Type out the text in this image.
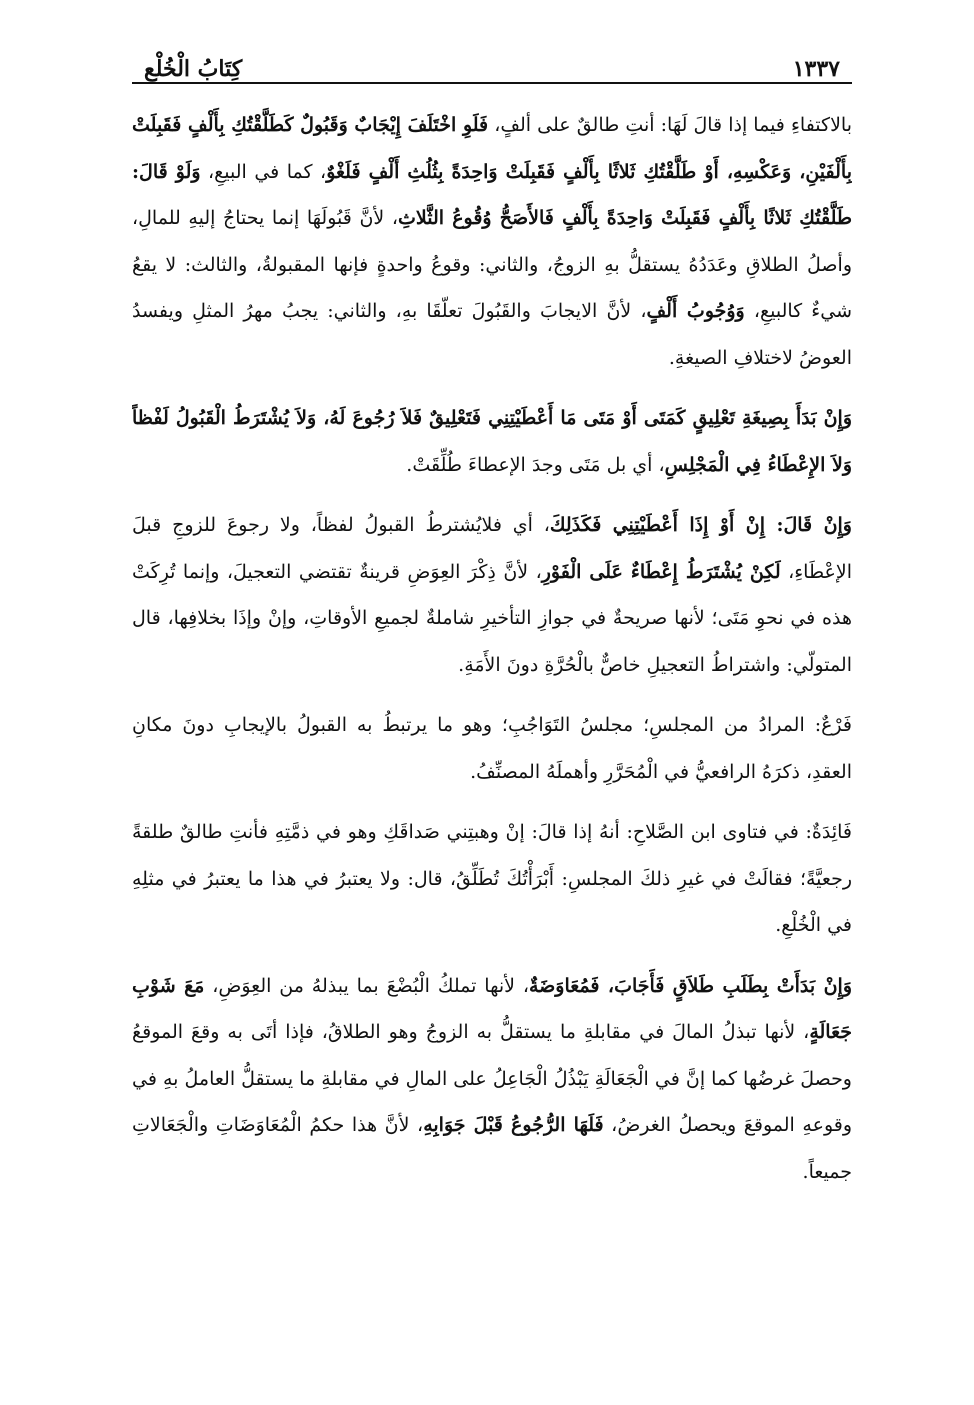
١٣٣٧
كِتَابُ الْخُلْع

بالاكتفاءِ فيما إذا قالَ لَهَا: أنتِ طالقٌ على ألفٍ، فَلَوِ اخْتَلَفَ إِيْجَابٌ وَقَبُولٌ كَطَلَّقْتُكِ بِأَلْفٍ فَقَبِلَتْ بِأَلْفَيْنِ، وَعَكْسِهِ، أَوْ طَلَّقْتُكِ ثَلاثًا بِأَلْفٍ فَقَبِلَتْ وَاحِدَةً بِثُلُثِ أَلْفٍ فَلَغْوٌ، كما في البيعِ، وَلَوْ قَالَ: طَلَّقْتُكِ ثَلاثًا بِأَلْفٍ فَقَبِلَتْ وَاحِدَةً بِأَلْفٍ فَالأَصَحُّ وُقُوعُ الثَّلاثِ، لأنَّ قَبُولَهَا إنما يحتاجُ إليهِ للمالِ، وأصلُ الطلاقِ وعَدَدُهُ يستقلُّ بهِ الزوجُ، والثاني: وقوعُ واحدةٍ فإنها المقبولةُ، والثالث: لا يقعُ شيءٌ كالبيعِ، وَوُجُوبُ أَلْفٍ، لأنَّ الايجابَ والقَبُولَ تعلّقَا بهِ، والثاني: يجبُ مهرُ المثلِ ويفسدُ العوضُ لاختلافِ الصيغةِ.

وَإِنْ بَدَأَ بِصِيغَةِ تَعْلِيقٍ كَمَتَى أَوْ مَتَى مَا أَعْطَيْتِنِي فَتَعْلِيقٌ فَلاَ رُجُوعَ لَهُ، وَلاَ يُشْتَرَطُ الْقَبُولُ لَفْظاً وَلاَ الإِعْطَاءُ فِي الْمَجْلِسِ، أي بل مَتَى وجدَ الإعطاءَ طُلِّقَتْ.

وَإِنْ قَالَ: إِنْ أَوْ إِذَا أَعْطَيْتِنِي فَكَذَلِكَ، أي فلايُشترطُ القبولُ لفظاً، ولا رجوعَ للزوجِ قبلَ الإعْطَاءِ، لَكِنْ يُشْتَرَطُ إِعْطَاءٌ عَلَى الْفَوْرِ، لأنَّ ذِكْرَ العِوَضِ قرينةٌ تقتضي التعجيلَ، وإنما تُرِكَتْ هذه في نحوِ مَتَى؛ لأنها صريحةٌ في جوازِ التأخيرِ شاملةٌ لجميعِ الأوقاتِ، وإنْ وإذَا بخلافِها، قال المتولّي: واشتراطُ التعجيلِ خاصٌّ بالْحُرَّةِ دونَ الأَمَةِ.

فَرْعٌ: المرادُ من المجلسِ؛ مجلسُ التَوَاجُبِ؛ وهو ما يرتبطُ به القبولُ بالإيجابِ دونَ مكانِ العقدِ، ذكرَهُ الرافعيُّ في الْمُحَرَّرِ وأهملَهُ المصنِّفُ.

فَائِدَةٌ: في فتاوى ابن الصَّلاحِ: أنهُ إذا قالَ: إنْ وهبتِني صَداقَكِ وهو في ذمَّتِهِ فأنتِ طالقٌ طلقةً رجعيَّةً؛ فقالَتْ في غيرِ ذلكَ المجلسِ: أَبْرَأْتُكَ تُطَلِّقُ، قال: ولا يعتبرُ في هذا ما يعتبرُ في مثلِهِ في الْخُلْعِ.

وَإِنْ بَدَأَتْ بِطَلَبِ طَلاَقٍ فَأَجَابَ، فَمُعَاوَضَةٌ، لأنها تملكُ الْبُضْعَ بما يبذلهُ من العِوَضِ، مَعَ شَوْبِ جَعَالَةٍ، لأنها تبذلُ المالَ في مقابلةِ ما يستقلُّ به الزوجُ وهو الطلاقُ، فإذا أتَى به وقعَ الموقعُ وحصلَ غرضُها كما إنَّ في الْجَعَالَةِ يَبْذُلُ الْجَاعِلُ على المالِ في مقابلةِ ما يستقلُّ العاملُ بهِ في وقوعهِ الموقعَ ويحصلُ الغرضُ، فَلَهَا الرُّجُوعُ قَبْلَ جَوَابِهِ، لأنَّ هذا حكمُ الْمُعَاوَضَاتِ والْجَعَالاتِ جميعاً.
